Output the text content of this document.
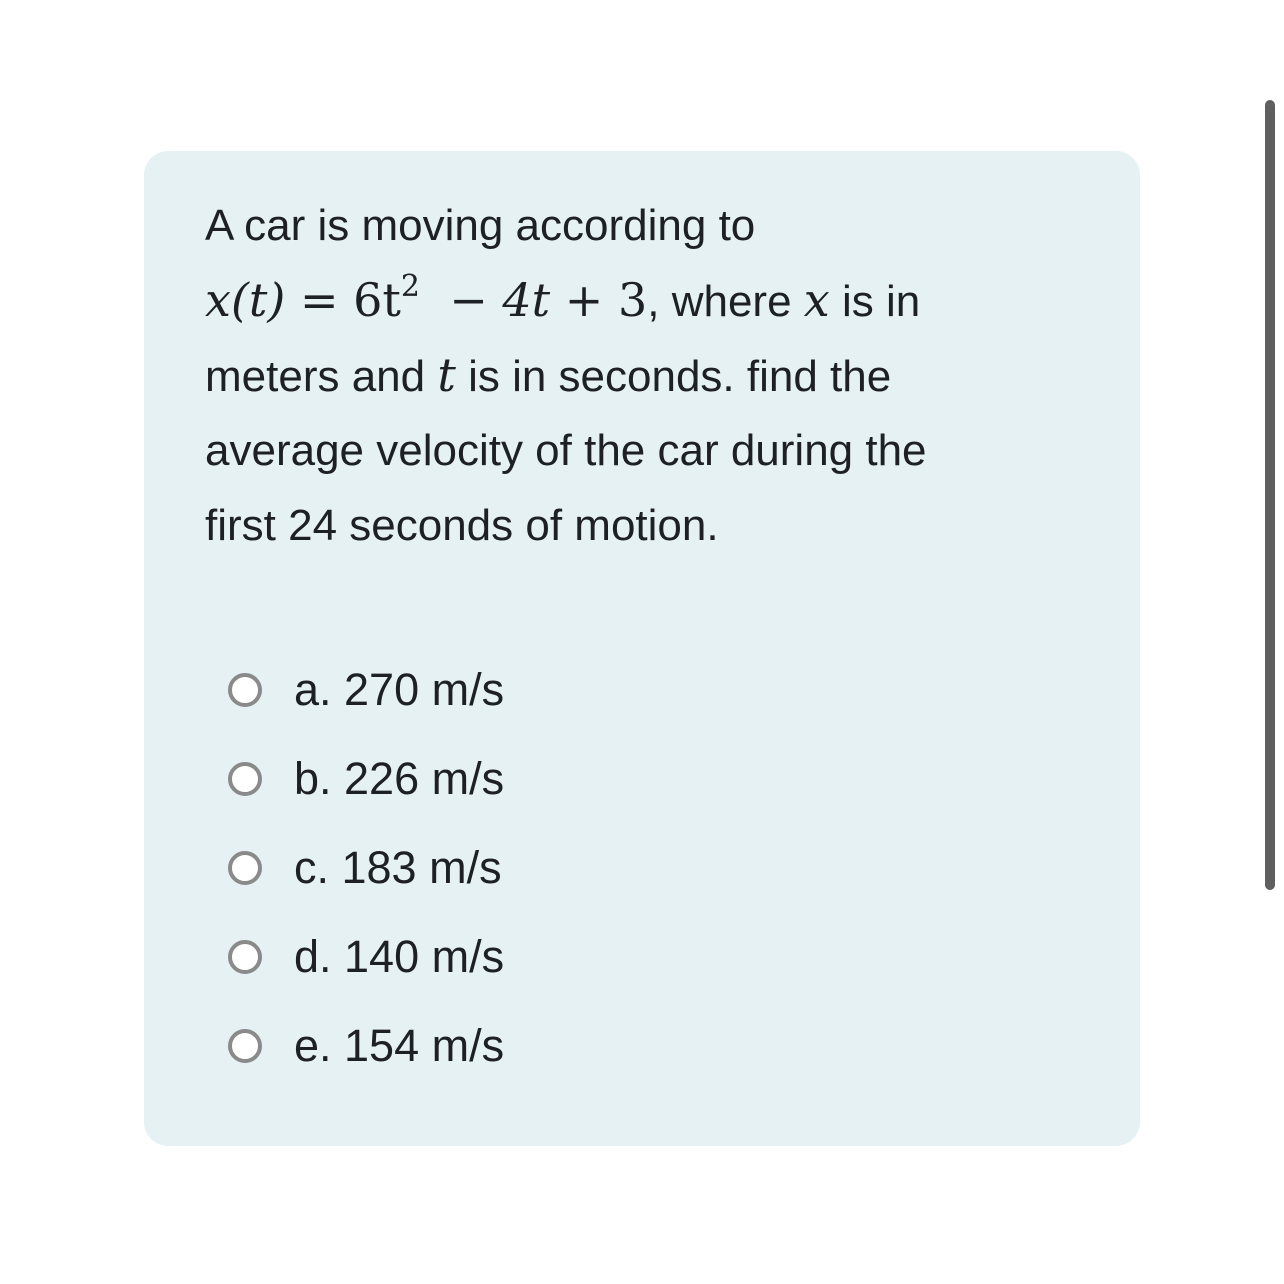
A car is moving according to
$x(t) = 6t^2 - 4t + 3$, where x is in
meters and t is in seconds. find the
average velocity of the car during the
first 24 seconds of motion.
a. 270 m/s
b. 226 m/s
c. 183 m/s
d. 140 m/s
e. 154 m/s
